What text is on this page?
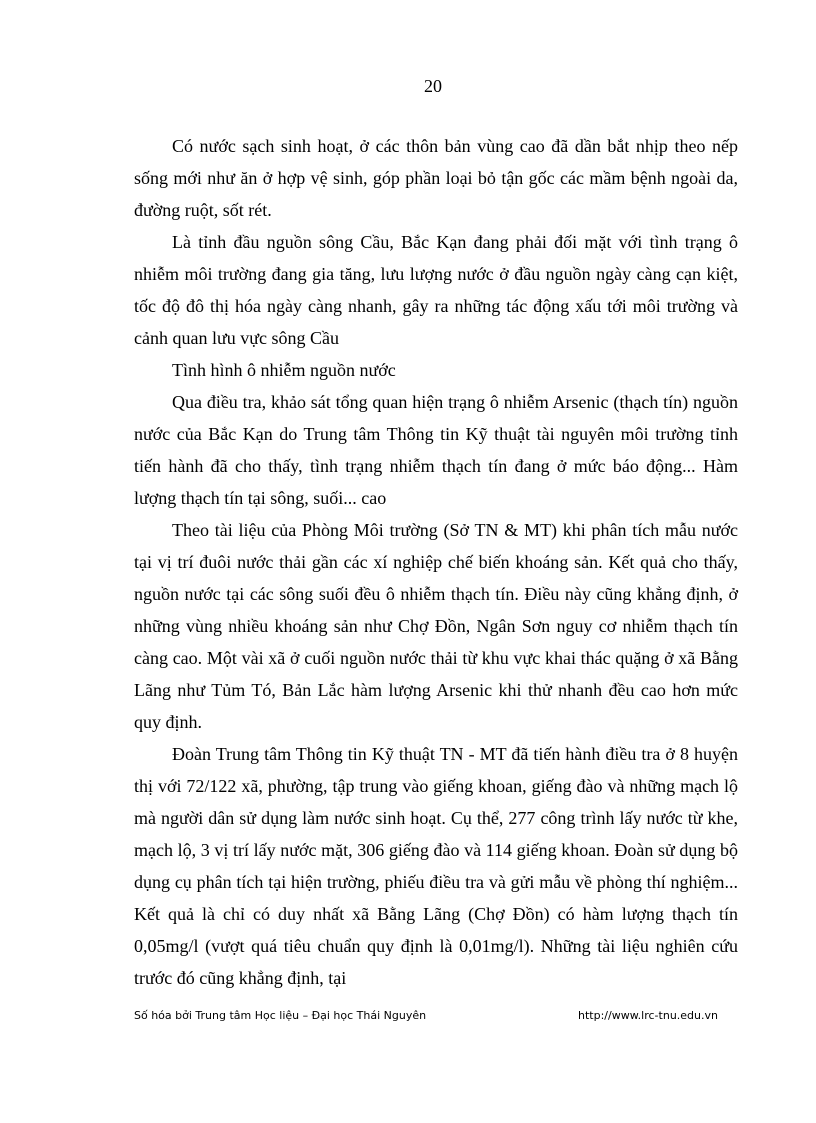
20

Có nước sạch sinh hoạt, ở các thôn bản vùng cao đã dần bắt nhịp theo nếp sống mới như ăn ở hợp vệ sinh, góp phần loại bỏ tận gốc các mầm bệnh ngoài da, đường ruột, sốt rét.

Là tỉnh đầu nguồn sông Cầu, Bắc Kạn đang phải đối mặt với tình trạng ô nhiễm môi trường đang gia tăng, lưu lượng nước ở đầu nguồn ngày càng cạn kiệt, tốc độ đô thị hóa ngày càng nhanh, gây ra những tác động xấu tới môi trường và cảnh quan lưu vực sông Cầu

Tình hình ô nhiễm nguồn nước

Qua điều tra, khảo sát tổng quan hiện trạng ô nhiễm Arsenic (thạch tín) nguồn nước của Bắc Kạn do Trung tâm Thông tin Kỹ thuật tài nguyên môi trường tỉnh tiến hành đã cho thấy, tình trạng nhiễm thạch tín đang ở mức báo động... Hàm lượng thạch tín tại sông, suối... cao

Theo tài liệu của Phòng Môi trường (Sở TN & MT) khi phân tích mẫu nước tại vị trí đuôi nước thải gần các xí nghiệp chế biến khoáng sản. Kết quả cho thấy, nguồn nước tại các sông suối đều ô nhiễm thạch tín. Điều này cũng khẳng định, ở những vùng nhiều khoáng sản như Chợ Đồn, Ngân Sơn nguy cơ nhiễm thạch tín càng cao. Một vài xã ở cuối nguồn nước thải từ khu vực khai thác quặng ở xã Bằng Lãng như Tủm Tó, Bản Lắc hàm lượng Arsenic khi thử nhanh đều cao hơn mức quy định.

Đoàn Trung tâm Thông tin Kỹ thuật TN - MT đã tiến hành điều tra ở 8 huyện thị với 72/122 xã, phường, tập trung vào giếng khoan, giếng đào và những mạch lộ mà người dân sử dụng làm nước sinh hoạt. Cụ thể, 277 công trình lấy nước từ khe, mạch lộ, 3 vị trí lấy nước mặt, 306 giếng đào và 114 giếng khoan. Đoàn sử dụng bộ dụng cụ phân tích tại hiện trường, phiếu điều tra và gửi mẫu về phòng thí nghiệm... Kết quả là chỉ có duy nhất xã Bằng Lãng (Chợ Đồn) có hàm lượng thạch tín 0,05mg/l (vượt quá tiêu chuẩn quy định là 0,01mg/l). Những tài liệu nghiên cứu trước đó cũng khẳng định, tại

Số hóa bởi Trung tâm Học liệu – Đại học Thái Nguyên	http://www.lrc-tnu.edu.vn
